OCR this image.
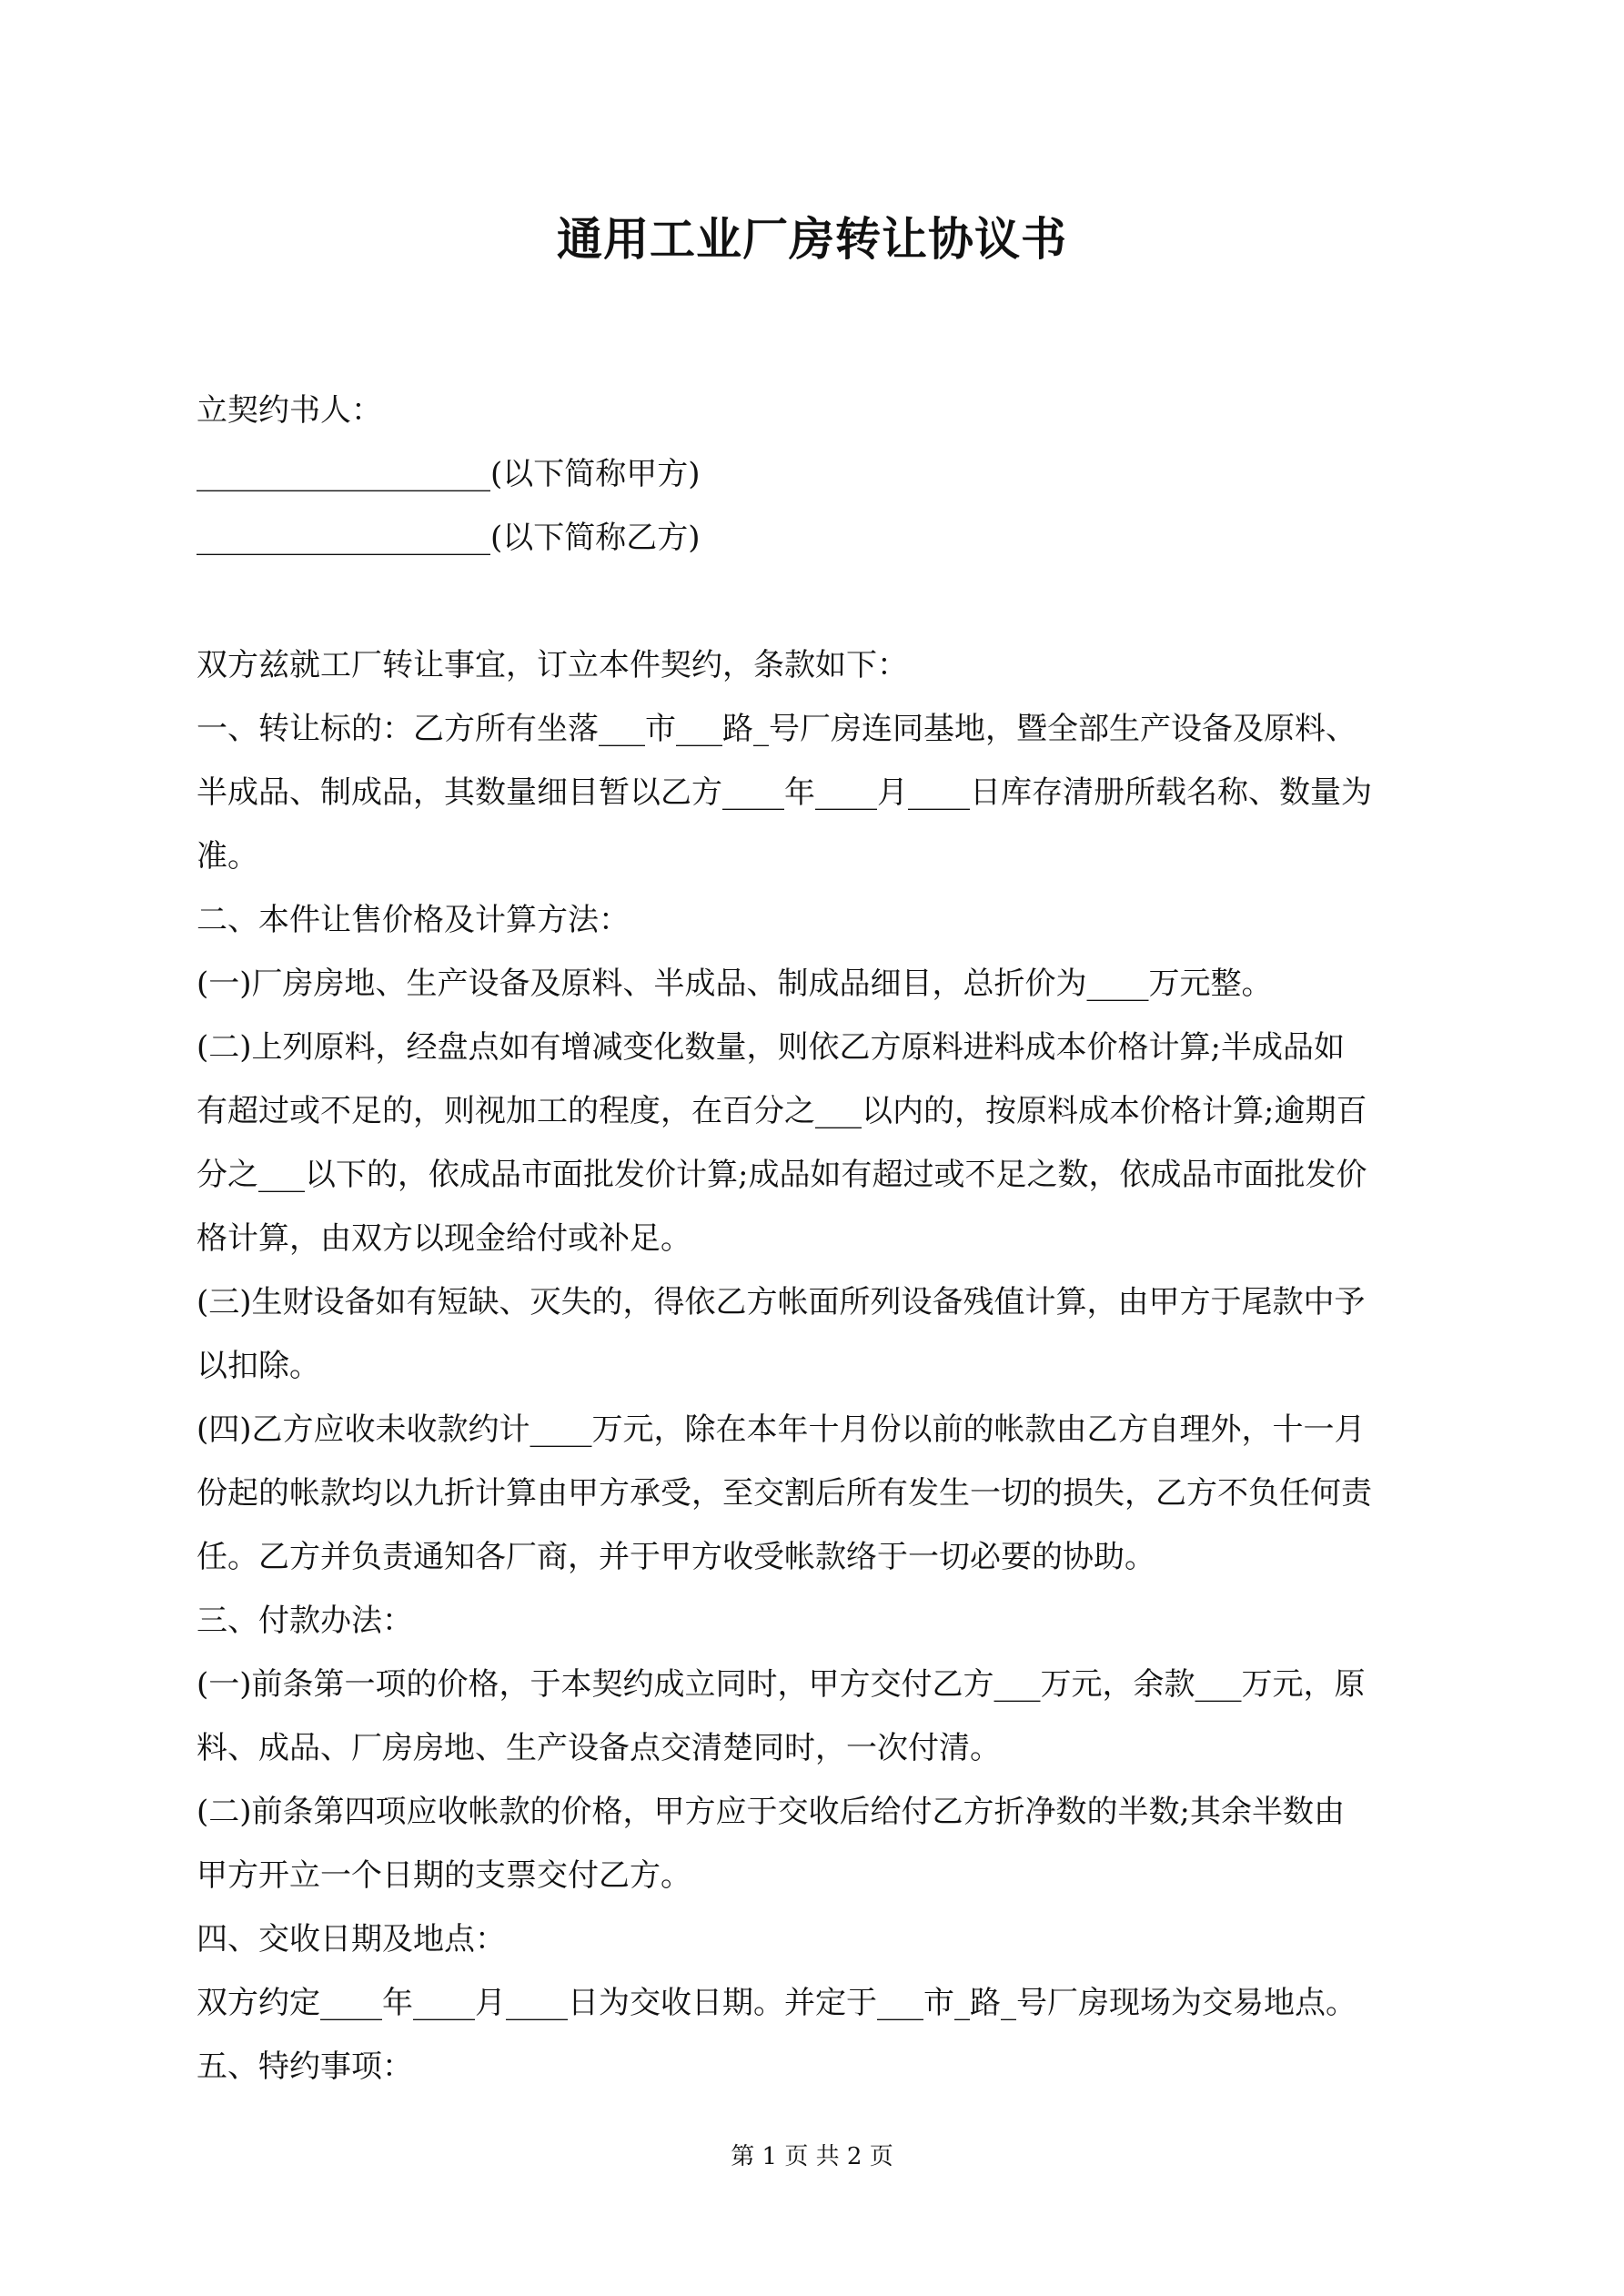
通用工业厂房转让协议书
立契约书人：
___________________(以下简称甲方)
___________________(以下简称乙方)
双方兹就工厂转让事宜，订立本件契约，条款如下：
一、转让标的：乙方所有坐落___市___路_号厂房连同基地，暨全部生产设备及原料、
半成品、制成品，其数量细目暂以乙方____年____月____日库存清册所载名称、数量为
准。
二、本件让售价格及计算方法：
(一)厂房房地、生产设备及原料、半成品、制成品细目，总折价为____万元整。
(二)上列原料，经盘点如有增减变化数量，则依乙方原料进料成本价格计算;半成品如
有超过或不足的，则视加工的程度，在百分之___以内的，按原料成本价格计算;逾期百
分之___以下的，依成品市面批发价计算;成品如有超过或不足之数，依成品市面批发价
格计算，由双方以现金给付或补足。
(三)生财设备如有短缺、灭失的，得依乙方帐面所列设备残值计算，由甲方于尾款中予
以扣除。
(四)乙方应收未收款约计____万元，除在本年十月份以前的帐款由乙方自理外，十一月
份起的帐款均以九折计算由甲方承受，至交割后所有发生一切的损失，乙方不负任何责
任。乙方并负责通知各厂商，并于甲方收受帐款络于一切必要的协助。
三、付款办法：
(一)前条第一项的价格，于本契约成立同时，甲方交付乙方___万元，余款___万元，原
料、成品、厂房房地、生产设备点交清楚同时，一次付清。
(二)前条第四项应收帐款的价格，甲方应于交收后给付乙方折净数的半数;其余半数由
甲方开立一个日期的支票交付乙方。
四、交收日期及地点：
双方约定____年____月____日为交收日期。并定于___市_路_号厂房现场为交易地点。
五、特约事项：
第 1 页 共 2 页
